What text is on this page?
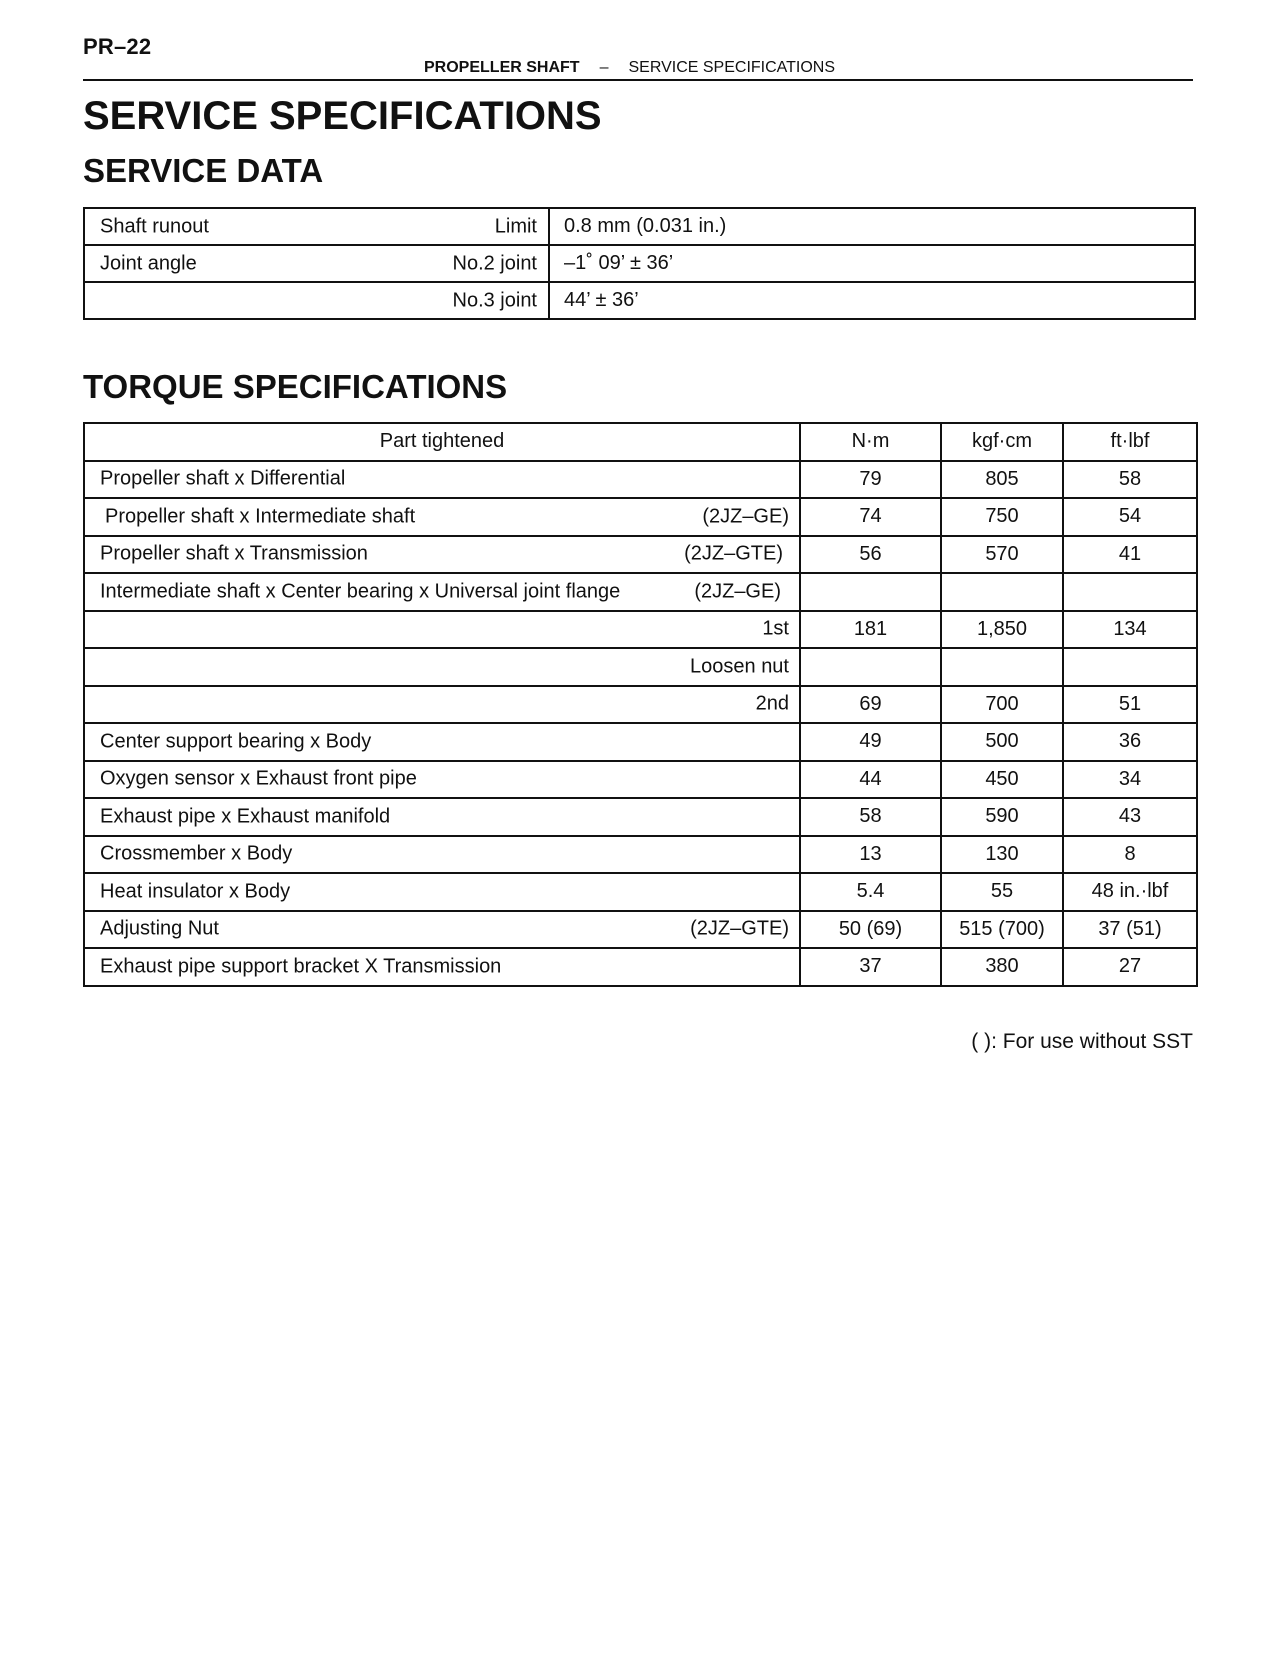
PR–22
PROPELLER SHAFT – SERVICE SPECIFICATIONS
SERVICE SPECIFICATIONS
SERVICE DATA
Shaft runout Limit	0.8 mm (0.031 in.)

Joint angle No.2 joint	–1˚ 09’ ± 36’

No.3 joint	44’ ± 36’
TORQUE SPECIFICATIONS
Part tightened	N·m	kgf·cm	ft·lbf

Propeller shaft x Differential	79	805	58

Propeller shaft x Intermediate shaft (2JZ–GE)	74	750	54

Propeller shaft x Transmission (2JZ–GTE)	56	570	41

Intermediate shaft x Center bearing x Universal joint flange (2JZ–GE)			

1st	181	1,850	134

Loosen nut			

2nd	69	700	51

Center support bearing x Body	49	500	36

Oxygen sensor x Exhaust front pipe	44	450	34

Exhaust pipe x Exhaust manifold	58	590	43

Crossmember x Body	13	130	8

Heat insulator x Body	5.4	55	48 in.·lbf

Adjusting Nut (2JZ–GTE)	50 (69)	515 (700)	37 (51)

Exhaust pipe support bracket X Transmission	37	380	27
( ): For use without SST
